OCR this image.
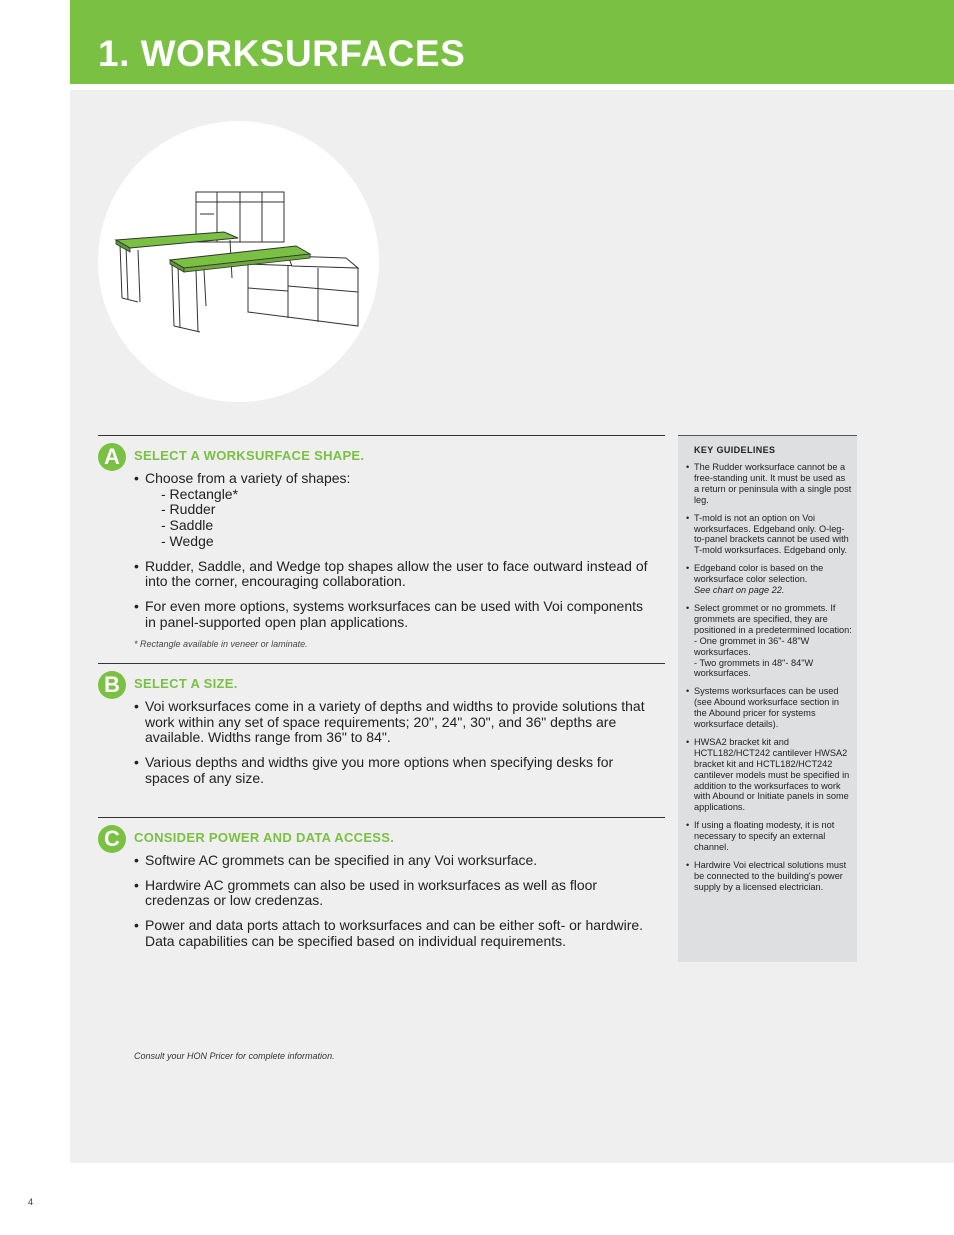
1. WORKSURFACES
A	SELECT A WORKSURFACE SHAPE.
• Choose from a variety of shapes:
- Rectangle*
- Rudder
- Saddle
- Wedge
• Rudder, Saddle, and Wedge top shapes allow the user to face outward instead of into the corner, encouraging collaboration.
• For even more options, systems worksurfaces can be used with Voi components in panel-supported open plan applications.
* Rectangle available in veneer or laminate.
B	SELECT A SIZE.
• Voi worksurfaces come in a variety of depths and widths to provide solutions that work within any set of space requirements; 20", 24", 30", and 36" depths are available. Widths range from 36" to 84".
• Various depths and widths give you more options when specifying desks for spaces of any size.
C	CONSIDER POWER AND DATA ACCESS.
• Softwire AC grommets can be specified in any Voi worksurface.
• Hardwire AC grommets can also be used in worksurfaces as well as floor credenzas or low credenzas.
• Power and data ports attach to worksurfaces and can be either soft- or hardwire. Data capabilities can be specified based on individual requirements.
KEY GUIDELINES
• The Rudder worksurface cannot be a free-standing unit. It must be used as a return or peninsula with a single post leg.
• T-mold is not an option on Voi worksurfaces. Edgeband only. O-leg-to-panel brackets cannot be used with T-mold worksurfaces. Edgeband only.
• Edgeband color is based on the worksurface color selection.
See chart on page 22.
• Select grommet or no grommets. If grommets are specified, they are positioned in a predetermined location:
- One grommet in 36"- 48"W worksurfaces.
- Two grommets in 48"- 84"W worksurfaces.
• Systems worksurfaces can be used (see Abound worksurface section in the Abound pricer for systems worksurface details).
• HWSA2 bracket kit and HCTL182/HCT242 cantilever HWSA2 bracket kit and HCTL182/HCT242 cantilever models must be specified in addition to the worksurfaces to work with Abound or Initiate panels in some applications.
• If using a floating modesty, it is not necessary to specify an external channel.
• Hardwire Voi electrical solutions must be connected to the building's power supply by a licensed electrician.
Consult your HON Pricer for complete information.
4
